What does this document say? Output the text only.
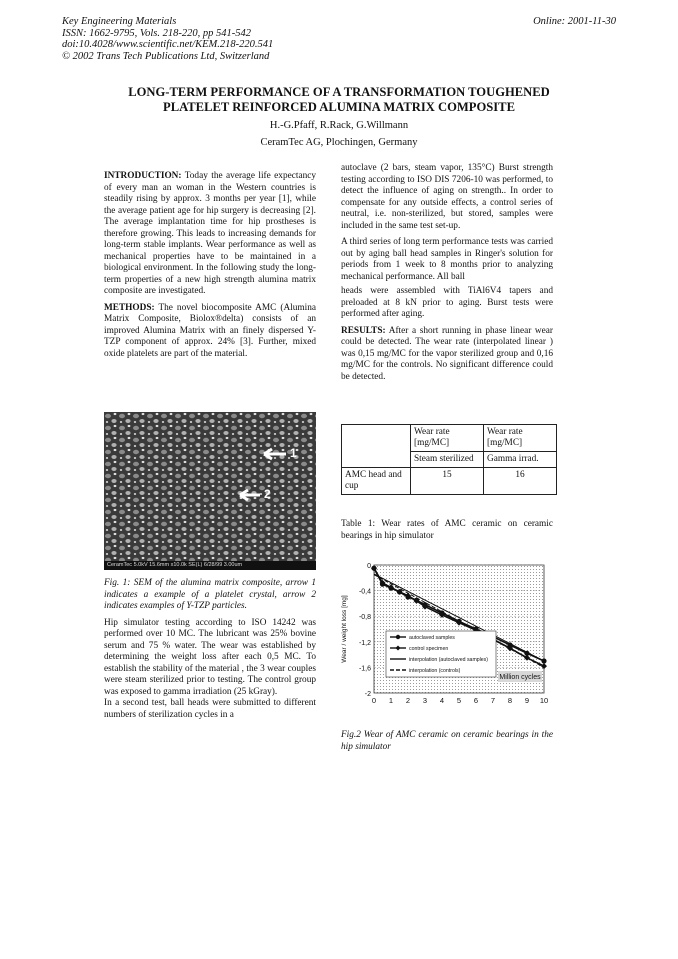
Key Engineering Materials
ISSN: 1662-9795, Vols. 218-220, pp 541-542
doi:10.4028/www.scientific.net/KEM.218-220.541
© 2002 Trans Tech Publications Ltd, Switzerland
Online: 2001-11-30
LONG-TERM PERFORMANCE OF A TRANSFORMATION TOUGHENED
PLATELET REINFORCED ALUMINA MATRIX COMPOSITE
H.-G.Pfaff, R.Rack, G.Willmann
CeramTec AG, Plochingen, Germany

INTRODUCTION: Today the average life expectancy of every man an woman in the Western countries is steadily rising by approx. 3 months per year [1], while the average patient age for hip surgery is decreasing [2]. The average implantation time for hip prostheses is therefore growing. This leads to increasing demands for long-term stable implants. Wear performance as well as mechanical properties have to be maintained in a biological environment. In the following study the long-term properties of a new high strength alumina matrix composite are investigated.

METHODS: The novel biocomposite AMC (Alumina Matrix Composite, Biolox®delta) consists of an improved Alumina Matrix with an finely dispersed Y-TZP component of approx. 24% [3]. Further, mixed oxide platelets are part of the material.

1
2
CeramTec 5.0kV 15.6mm x10.0k SE(L) 6/28/99 3.00um

Fig. 1: SEM of the alumina matrix composite, arrow 1 indicates a example of a platelet crystal, arrow 2 indicates examples of Y-TZP particles.

Hip simulator testing according to ISO 14242 was performed over 10 MC. The lubricant was 25% bovine serum and 75 % water. The wear was established by determining the weight loss after each 0,5 MC. To establish the stability of the material , the 3 wear couples were steam sterilized prior to testing. The control group was exposed to gamma irradiation (25 kGray).

In a second test, ball heads were submitted to different numbers of sterilization cycles in a

autoclave (2 bars, steam vapor, 135°C) Burst strength testing according to ISO DIS 7206-10 was performed, to detect the influence of aging on strength.. In order to compensate for any outside effects, a control series of neutral, i.e. non-sterilized, but stored, samples were included in the same test set-up.

A third series of long term performance tests was carried out by aging ball head samples in Ringer's solution for periods from 1 week to 8 months prior to analyzing mechanical performance. All ball

heads were assembled with TiAl6V4 tapers and preloaded at 8 kN prior to aging. Burst tests were performed after aging.

RESULTS: After a short running in phase linear wear could be detected. The wear rate (interpolated linear ) was 0,15 mg/MC for the vapor sterilized group and 0,16 mg/MC for the controls. No significant difference could be detected.

	Wear rate [mg/MC]	Wear rate [mg/MC]
	Steam sterilized	Gamma irrad.
AMC head and cup	15	16
Table 1: Wear rates of AMC ceramic on ceramic bearings in hip simulator
0
-0,4
-0,8
-1,2
-1,6
-2
0 1 2 3 4 5 6 7 8 9 10
Wear / weight loss [mg]	autoclaved samples
control specimen
interpolation (autoclaved samples)
interpolation (controls)
Million cycles
Fig.2 Wear of AMC ceramic on ceramic bearings in the hip simulator
